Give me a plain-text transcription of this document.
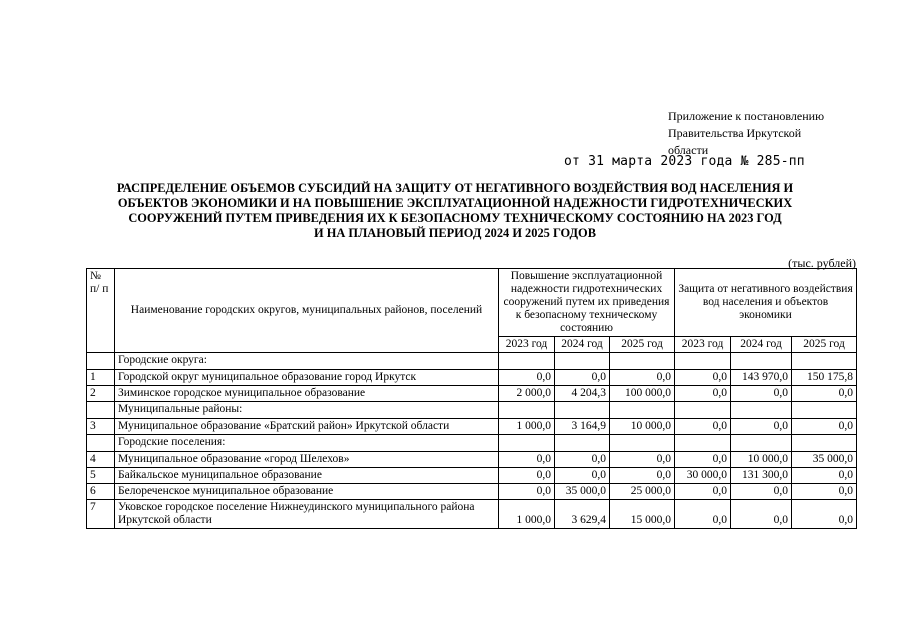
Приложение к постановлению
Правительства Иркутской
области
от 31 марта 2023 года № 285-пп
РАСПРЕДЕЛЕНИЕ ОБЪЕМОВ СУБСИДИЙ НА ЗАЩИТУ ОТ НЕГАТИВНОГО ВОЗДЕЙСТВИЯ ВОД НАСЕЛЕНИЯ И
ОБЪЕКТОВ ЭКОНОМИКИ И НА ПОВЫШЕНИЕ ЭКСПЛУАТАЦИОННОЙ НАДЕЖНОСТИ ГИДРОТЕХНИЧЕСКИХ
СООРУЖЕНИЙ ПУТЕМ ПРИВЕДЕНИЯ ИХ К БЕЗОПАСНОМУ ТЕХНИЧЕСКОМУ СОСТОЯНИЮ НА 2023 ГОД
И НА ПЛАНОВЫЙ ПЕРИОД 2024 И 2025 ГОДОВ
(тыс. рублей)
№ п/ п	Наименование городских округов, муниципальных районов, поселений	Повышение эксплуатационной надежности гидротехнических сооружений путем их приведения к безопасному техническому состоянию			Защита от негативного воздействия вод населения и объектов экономики		
		2023 год	2024 год	2025 год	2023 год	2024 год	2025 год
	Городские округа:						
1	Городской округ муниципальное образование город Иркутск	0,0	0,0	0,0	0,0	143 970,0	150 175,8
2	Зиминское городское муниципальное образование	2 000,0	4 204,3	100 000,0	0,0	0,0	0,0
	Муниципальные районы:						
3	Муниципальное образование «Братский район» Иркутской области	1 000,0	3 164,9	10 000,0	0,0	0,0	0,0
	Городские поселения:						
4	Муниципальное образование «город Шелехов»	0,0	0,0	0,0	0,0	10 000,0	35 000,0
5	Байкальское муниципальное образование	0,0	0,0	0,0	30 000,0	131 300,0	0,0
6	Белореченское муниципальное образование	0,0	35 000,0	25 000,0	0,0	0,0	0,0
7	Уковское городское поселение Нижнеудинского муниципального района Иркутской области	1 000,0	3 629,4	15 000,0	0,0	0,0	0,0
